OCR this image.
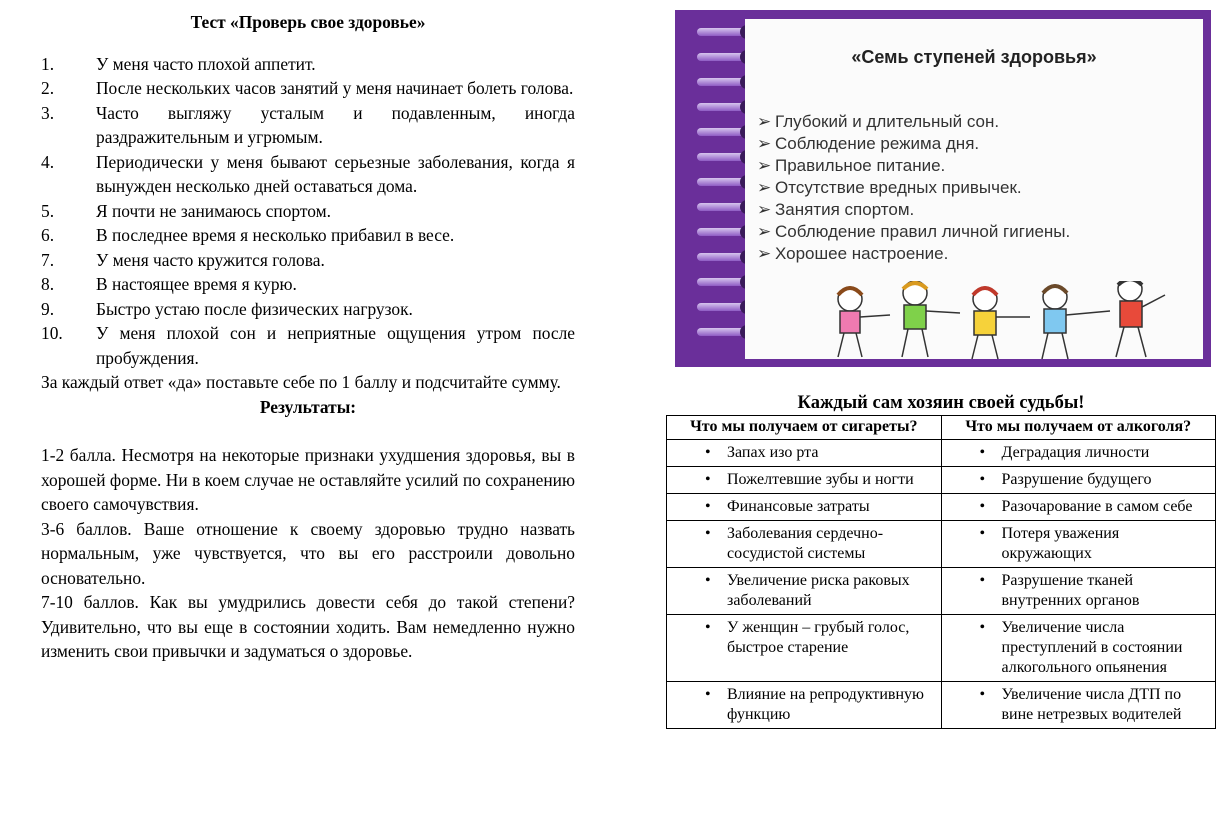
Тест «Проверь свое здоровье»
1.	У меня часто плохой аппетит.
2.	После нескольких часов занятий у меня начинает болеть голова.
3.	Часто выгляжу усталым и подавленным, иногда раздражительным и угрюмым.
4.	Периодически у меня бывают серьезные заболевания, когда я вынужден несколько дней оставаться дома.
5.	Я почти не занимаюсь спортом.
6.	В последнее время я несколько прибавил в весе.
7.	У меня часто кружится голова.
8.	В настоящее время я курю.
9.	Быстро устаю после физических нагрузок.
10.	У меня плохой сон и неприятные ощущения утром после пробуждения.

За каждый ответ «да» поставьте себе по 1 баллу и подсчитайте сумму.

Результаты:

1-2 балла. Несмотря на некоторые признаки ухудшения здоровья, вы в хорошей форме. Ни в коем случае не оставляйте усилий по сохранению своего самочувствия.

3-6 баллов. Ваше отношение к своему здоровью трудно назвать нормальным, уже чувствуется, что вы его расстроили довольно основательно.

7-10 баллов. Как вы умудрились довести себя до такой степени? Удивительно, что вы еще в состоянии ходить. Вам немедленно нужно изменить свои привычки и задуматься о здоровье.

«Семь ступеней здоровья»
➢ Глубокий и длительный сон.
➢ Соблюдение режима дня.
➢ Правильное питание.
➢ Отсутствие вредных привычек.
➢ Занятия спортом.
➢ Соблюдение правил личной гигиены.
➢ Хорошее настроение.
Каждый сам хозяин своей судьбы!
Что мы получаем от сигареты?	Что мы получаем от алкоголя?

• Запах изо рта	• Деградация личности

• Пожелтевшие зубы и ногти	• Разрушение будущего

• Финансовые затраты	• Разочарование в самом себе

• Заболевания сердечно-сосудистой системы	• Потеря уважения окружающих

• Увеличение риска раковых заболеваний	• Разрушение тканей внутренних органов

• У женщин – грубый голос, быстрое старение	• Увеличение числа преступлений в состоянии алкогольного опьянения

• Влияние на репродуктивную функцию	• Увеличение числа ДТП по вине нетрезвых водителей
